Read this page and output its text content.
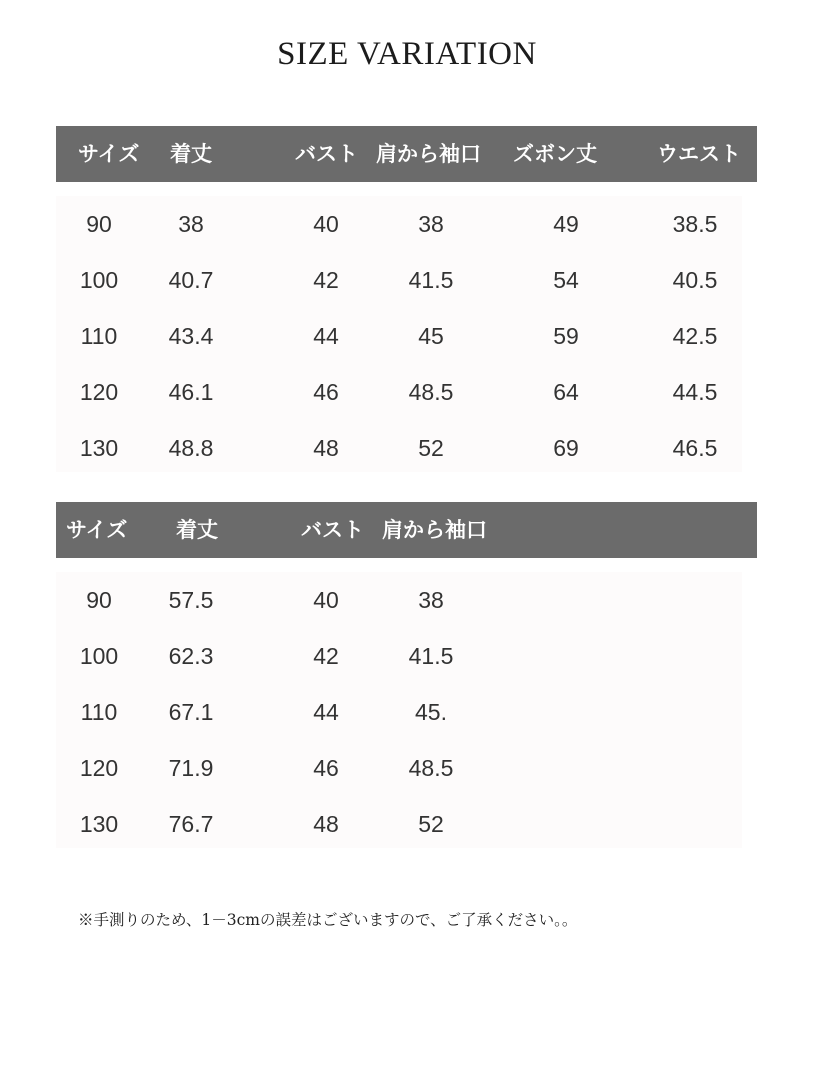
SIZE VARIATION
サイズ 着丈	バスト 肩から袖口 ズボン丈	ウエスト
90	38	40	38	49	38.5
100 40.7	42	41.5	54	40.5
110 43.4	44	45	59	42.5
120 46.1	46	48.5	64	44.5
130 48.8	48	52	69	46.5
サイズ 着丈	バスト 肩から袖口
90 57.5	40	38
100 62.3	42	41.5
110 67.1	44	45.
120 71.9	46	48.5
130 76.7	48	52
※手測りのため、1－3cmの誤差はございますので、ご了承ください。。
